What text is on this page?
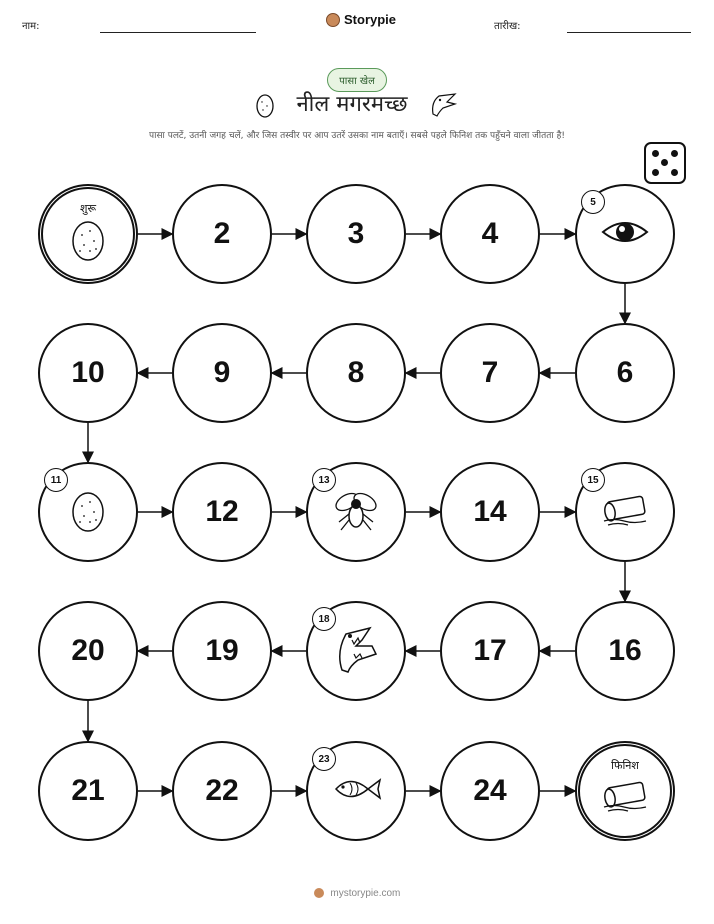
नाम:	Storypie	तारीख:
पासा खेल
नील मगरमच्छ
पासा पलटें, उतनी जगह चलें, और जिस तस्वीर पर आप उतरें उसका नाम बताएँ। सबसे पहले फिनिश तक पहुँचने वाला जीतता है!
शुरू
2	3	4
5
6
7
8
9
10
11
12
13
14
15
16
17
18
19
20
21	22
23
24
फिनिश
mystorypie.com
